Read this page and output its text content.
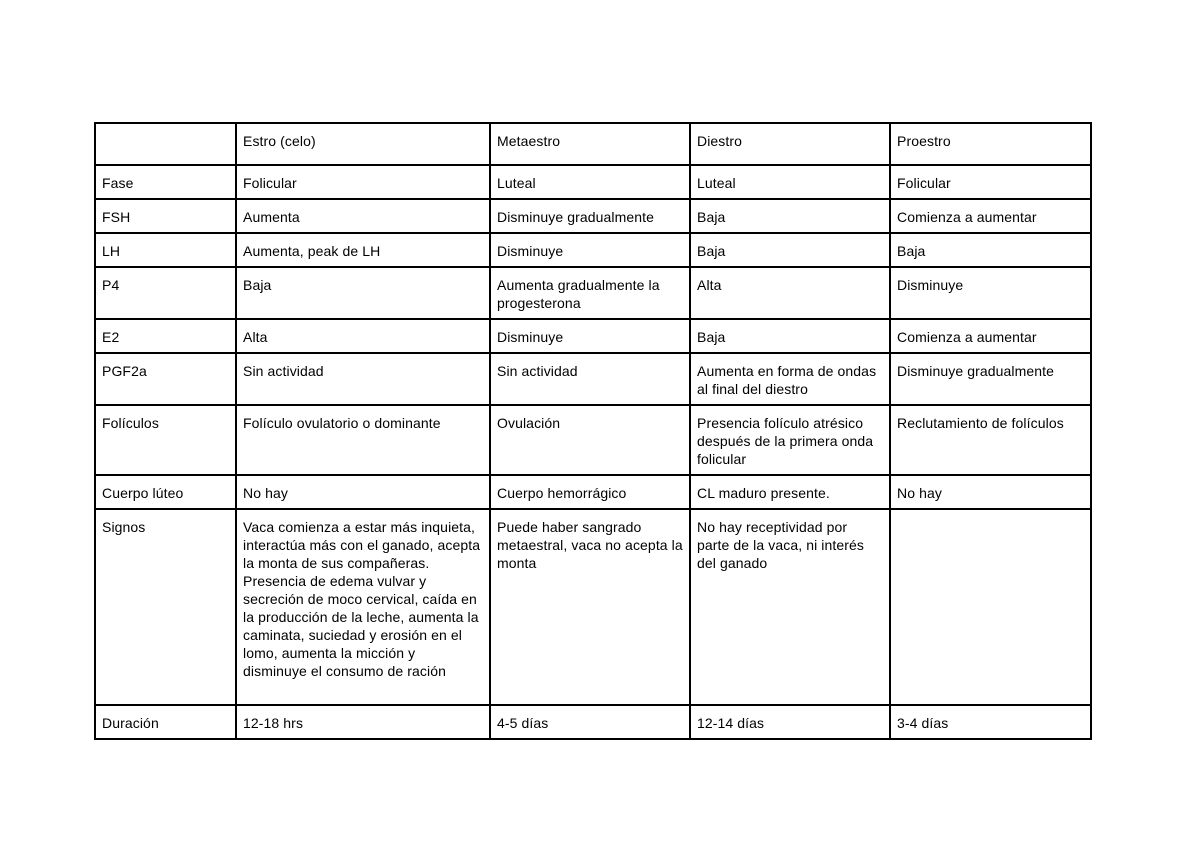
	Estro (celo)	Metaestro	Diestro	Proestro
Fase	Folicular	Luteal	Luteal	Folicular
FSH	Aumenta	Disminuye gradualmente	Baja	Comienza a aumentar
LH	Aumenta, peak de LH	Disminuye	Baja	Baja
P4	Baja	Aumenta gradualmente la progesterona	Alta	Disminuye
E2	Alta	Disminuye	Baja	Comienza a aumentar
PGF2a	Sin actividad	Sin actividad	Aumenta en forma de ondas al final del diestro	Disminuye gradualmente
Folículos	Folículo ovulatorio o dominante	Ovulación	Presencia folículo atrésico después de la primera onda folicular	Reclutamiento de folículos
Cuerpo lúteo	No hay	Cuerpo hemorrágico	CL maduro presente.	No hay
Signos	Vaca comienza a estar más inquieta, interactúa más con el ganado, acepta la monta de sus compañeras. Presencia de edema vulvar y secreción de moco cervical, caída en la producción de la leche, aumenta la caminata, suciedad y erosión en el lomo, aumenta la micción y disminuye el consumo de ración	Puede haber sangrado metaestral, vaca no acepta la monta	No hay receptividad por parte de la vaca, ni interés del ganado	
Duración	12-18 hrs	4-5 días	12-14 días	3-4 días
